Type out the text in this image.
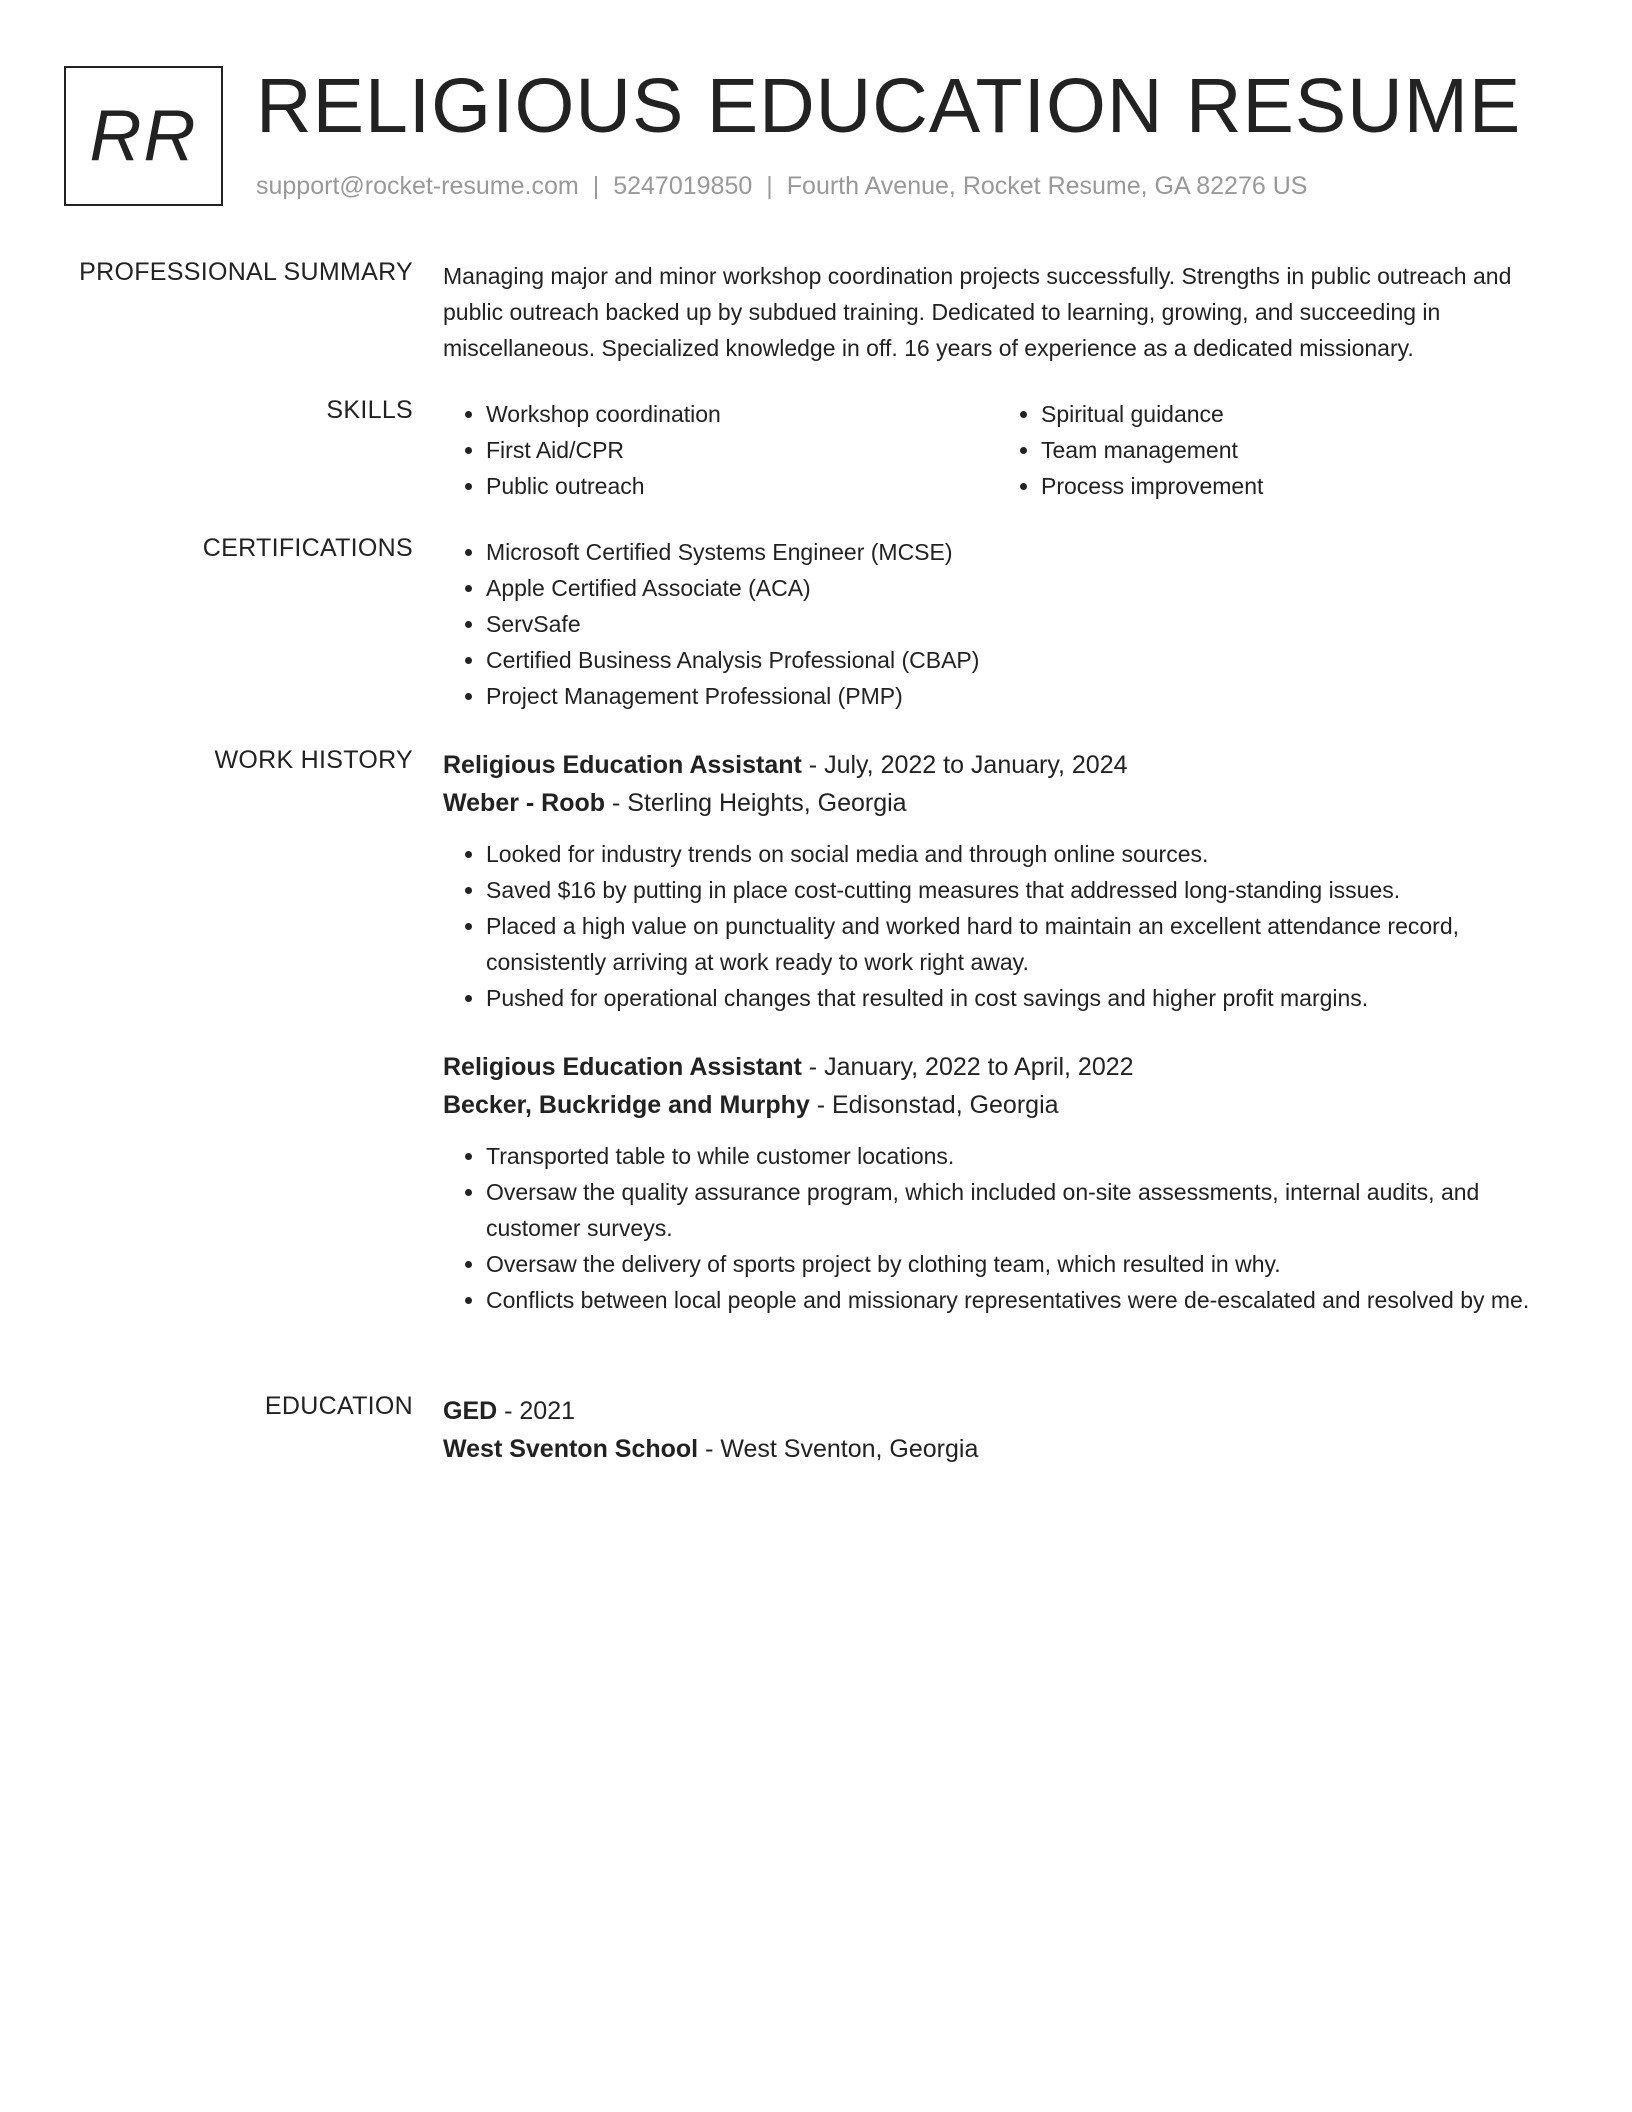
RR RELIGIOUS EDUCATION RESUME
support@rocket-resume.com | 5247019850 | Fourth Avenue, Rocket Resume, GA 82276 US
PROFESSIONAL SUMMARY Managing major and minor workshop coordination projects successfully. Strengths in public outreach and public outreach backed up by subdued training. Dedicated to learning, growing, and succeeding in miscellaneous. Specialized knowledge in off. 16 years of experience as a dedicated missionary.
SKILLS	• Workshop coordination
• First Aid/CPR
• Public outreach
• Spiritual guidance
• Team management
• Process improvement
CERTIFICATIONS	• Microsoft Certified Systems Engineer (MCSE)
• Apple Certified Associate (ACA)
• ServSafe
• Certified Business Analysis Professional (CBAP)
• Project Management Professional (PMP)
WORK HISTORY Religious Education Assistant - July, 2022 to January, 2024
Weber - Roob - Sterling Heights, Georgia
• Looked for industry trends on social media and through online sources.
• Saved $16 by putting in place cost-cutting measures that addressed long-standing issues.
• Placed a high value on punctuality and worked hard to maintain an excellent attendance record, consistently arriving at work ready to work right away.
• Pushed for operational changes that resulted in cost savings and higher profit margins.
Religious Education Assistant - January, 2022 to April, 2022
Becker, Buckridge and Murphy - Edisonstad, Georgia
• Transported table to while customer locations.
• Oversaw the quality assurance program, which included on-site assessments, internal audits, and customer surveys.
• Oversaw the delivery of sports project by clothing team, which resulted in why.
• Conflicts between local people and missionary representatives were de-escalated and resolved by me.
EDUCATION GED - 2021
West Sventon School - West Sventon, Georgia
